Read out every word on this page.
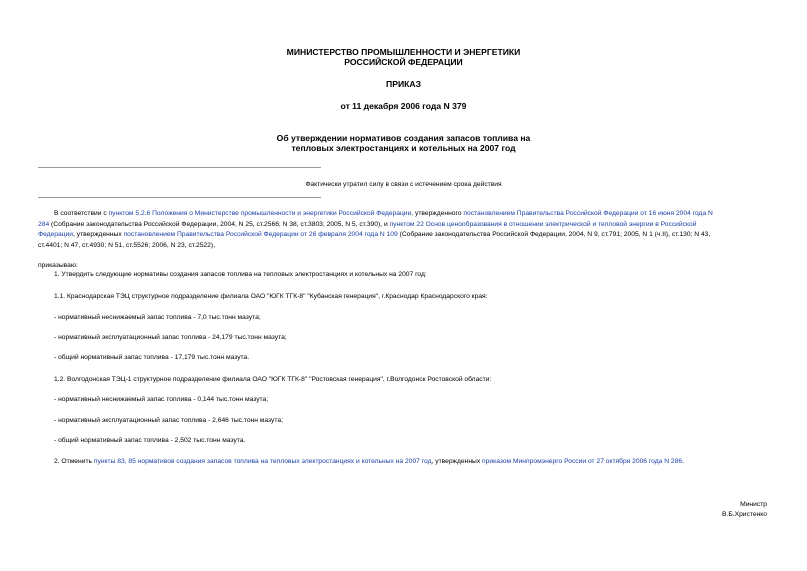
МИНИСТЕРСТВО ПРОМЫШЛЕННОСТИ И ЭНЕРГЕТИКИ
РОССИЙСКОЙ ФЕДЕРАЦИИ
ПРИКАЗ
от 11 декабря 2006 года N 379
Об утверждении нормативов создания запасов топлива на
тепловых электростанциях и котельных на 2007 год
Фактически утратил силу в связи с истечением срока действия
В соответствии с пунктом 5.2.6 Положения о Министерстве промышленности и энергетики Российской Федерации, утвержденного постановлением Правительства Российской Федерации от 16 июня 2004 года N
284 (Собрание законодательства Российской Федерации, 2004, N 25, ст.2566; N 38, ст.3803; 2005, N 5, ст.390), и пунктом 22 Основ ценообразования в отношении электрической и тепловой энергии в Российской
Федерации, утвержденных постановлением Правительства Российской Федерации от 26 февраля 2004 года N 109 (Собрание законодательства Российской Федерации, 2004, N 9, ст.791; 2005, N 1 (ч.II), ст.130; N 43,
ст.4401; N 47, ст.4930; N 51, ст.5526; 2006, N 23, ст.2522),
приказываю:
1. Утвердить следующие нормативы создания запасов топлива на тепловых электростанциях и котельных на 2007 год:
1.1. Краснодарская ТЭЦ структурное подразделение филиала ОАО "ЮГК ТГК-8" "Кубанская генерация", г.Краснодар Краснодарского края:
- нормативный неснижаемый запас топлива - 7,0 тыс.тонн мазута;
- нормативный эксплуатационный запас топлива - 24,179 тыс.тонн мазута;
- общий нормативный запас топлива - 17,179 тыс.тонн мазута.
1.2. Волгодонская ТЭЦ-1 структурное подразделение филиала ОАО "ЮГК ТГК-8" "Ростовская генерация", г.Волгодонск Ростовской области:
- нормативный неснижаемый запас топлива - 0,144 тыс.тонн мазута;
- нормативный эксплуатационный запас топлива - 2,646 тыс.тонн мазута;
- общий нормативный запас топлива - 2,502 тыс.тонн мазута.
2. Отменить пункты 83, 85 нормативов создания запасов топлива на тепловых электростанциях и котельных на 2007 год, утвержденных приказом Минпромэнерго России от 27 октября 2006 года N 286.
Министр
В.Б.Христенко
